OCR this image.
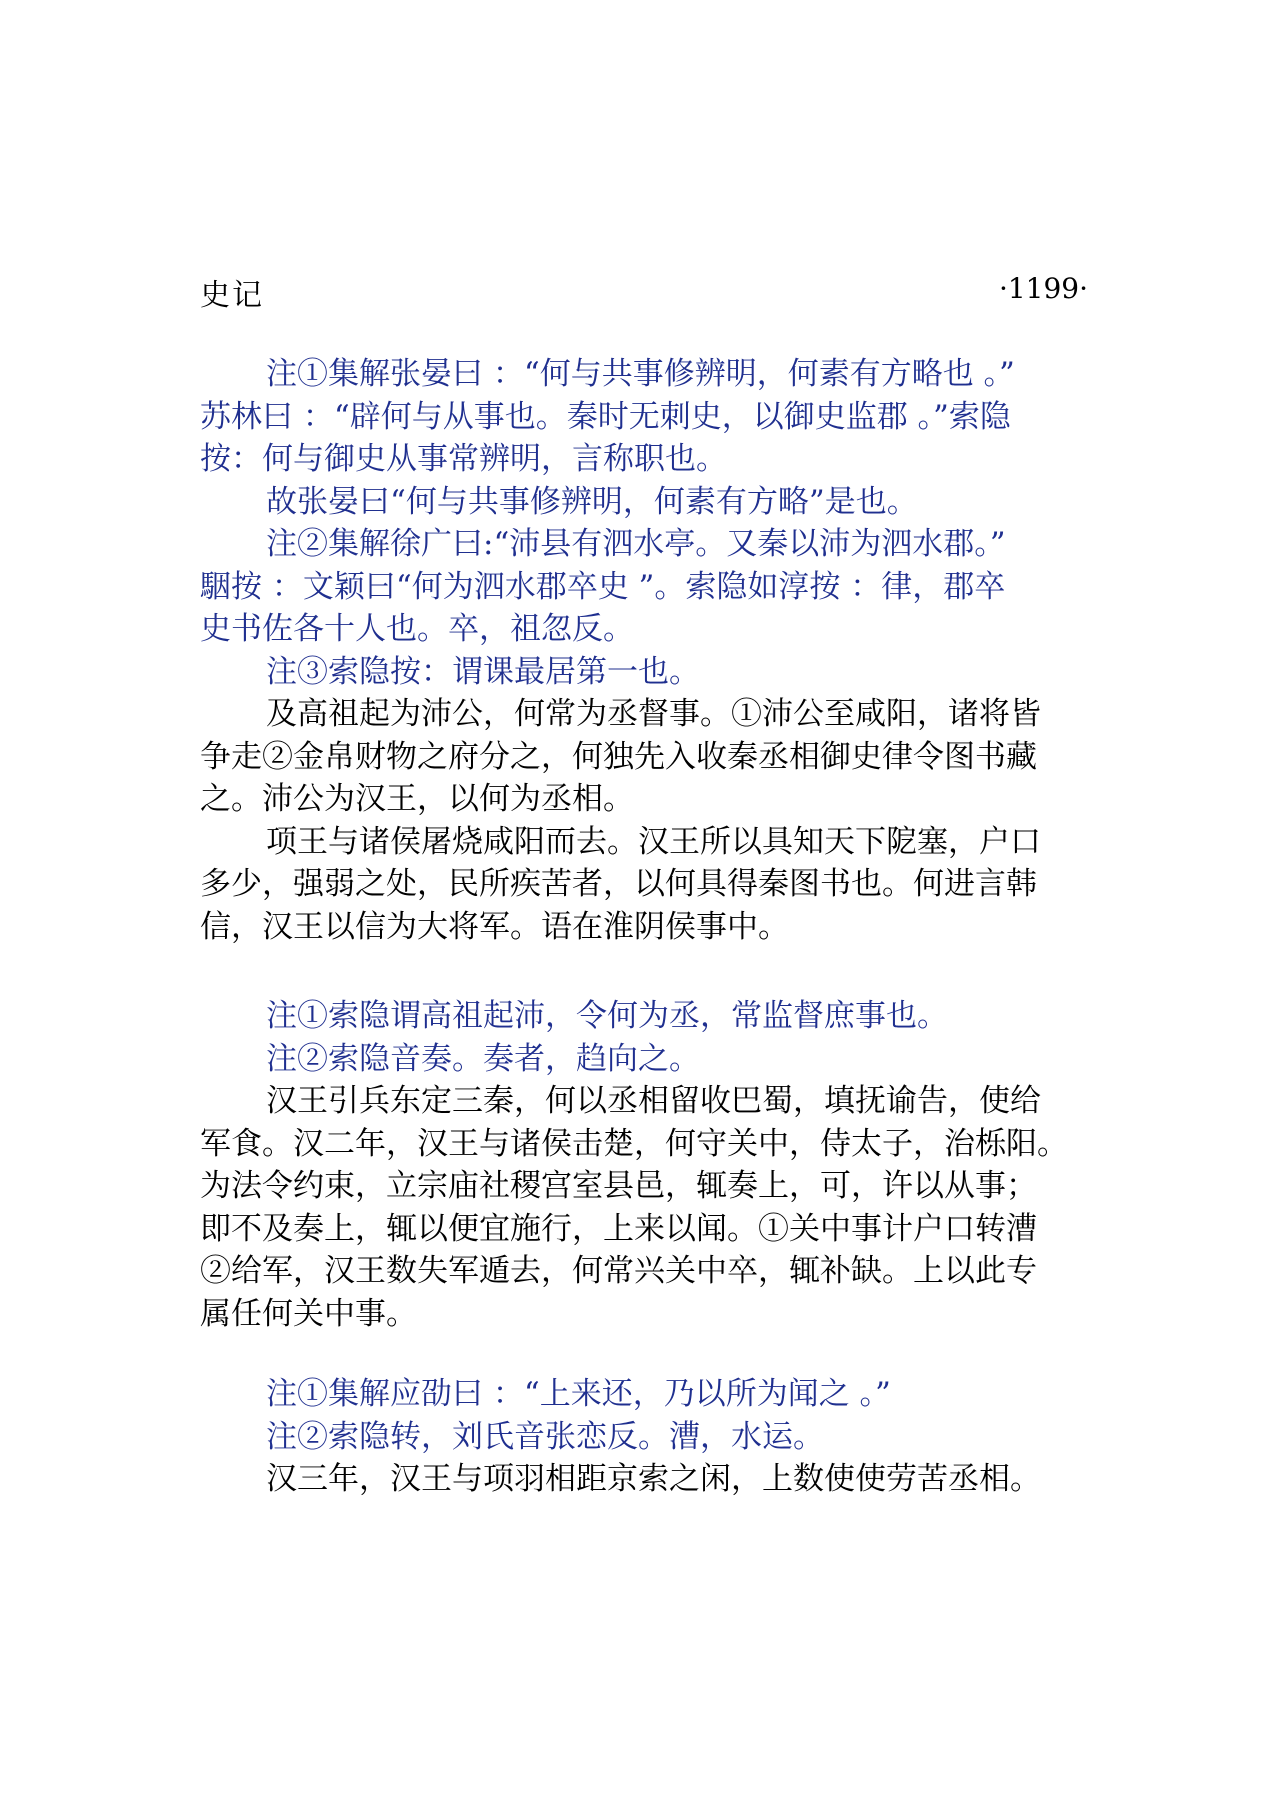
史记	·1199·
注①集解张晏曰 ：“何与共事修辨明，何素有方略也 。”
苏林曰 ：“辟何与从事也。秦时无刺史，以御史监郡 。”索隐
按：何与御史从事常辨明，言称职也。
故张晏曰“何与共事修辨明，何素有方略”是也。
注②集解徐广曰:“沛县有泗水亭。又秦以沛为泗水郡。”
駰按 ：文颖曰“何为泗水郡卒史 ”。索隐如淳按 ：律，郡卒
史书佐各十人也。卒，祖忽反。
注③索隐按：谓课最居第一也。
及高祖起为沛公，何常为丞督事。①沛公至咸阳，诸将皆
争走②金帛财物之府分之，何独先入收秦丞相御史律令图书藏
之。沛公为汉王，以何为丞相。
项王与诸侯屠烧咸阳而去。汉王所以具知天下阸塞，户口
多少，强弱之处，民所疾苦者，以何具得秦图书也。何进言韩
信，汉王以信为大将军。语在淮阴侯事中。
注①索隐谓高祖起沛，令何为丞，常监督庶事也。
注②索隐音奏。奏者，趋向之。
汉王引兵东定三秦，何以丞相留收巴蜀，填抚谕告，使给
军食。汉二年，汉王与诸侯击楚，何守关中，侍太子，治栎阳。
为法令约束，立宗庙社稷宫室县邑，辄奏上，可，许以从事；
即不及奏上，辄以便宜施行，上来以闻。①关中事计户口转漕
②给军，汉王数失军遁去，何常兴关中卒，辄补缺。上以此专
属任何关中事。
注①集解应劭曰 ：“上来还，乃以所为闻之 。”
注②索隐转，刘氏音张恋反。漕，水运。
汉三年，汉王与项羽相距京索之闲，上数使使劳苦丞相。
